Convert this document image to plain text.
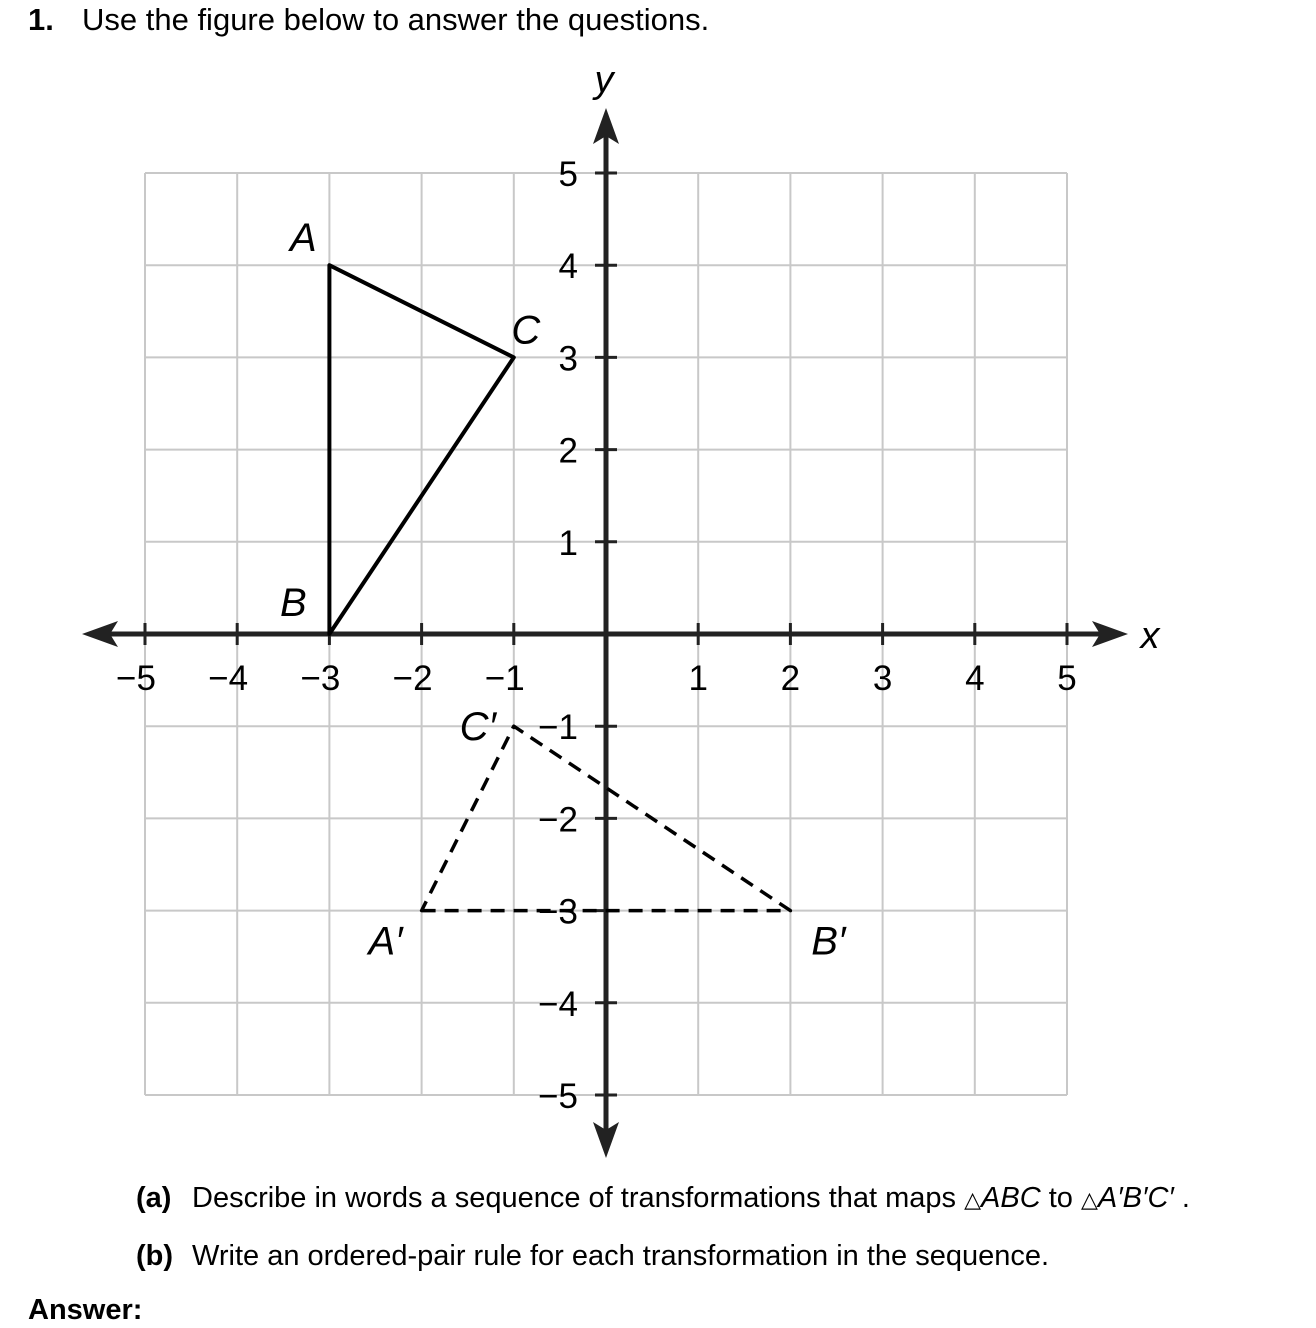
1. Use the figure below to answer the questions.
x
y
−5 −4 −3 −2 −1	1 2 3 4 5
5
4
3
2
1
−1
−2
−3
−4
−5
A
B
C
A′	B′
C′
(a) Describe in words a sequence of transformations that maps △ABC to △A′B′C′ .
(b) Write an ordered-pair rule for each transformation in the sequence.
Answer:
